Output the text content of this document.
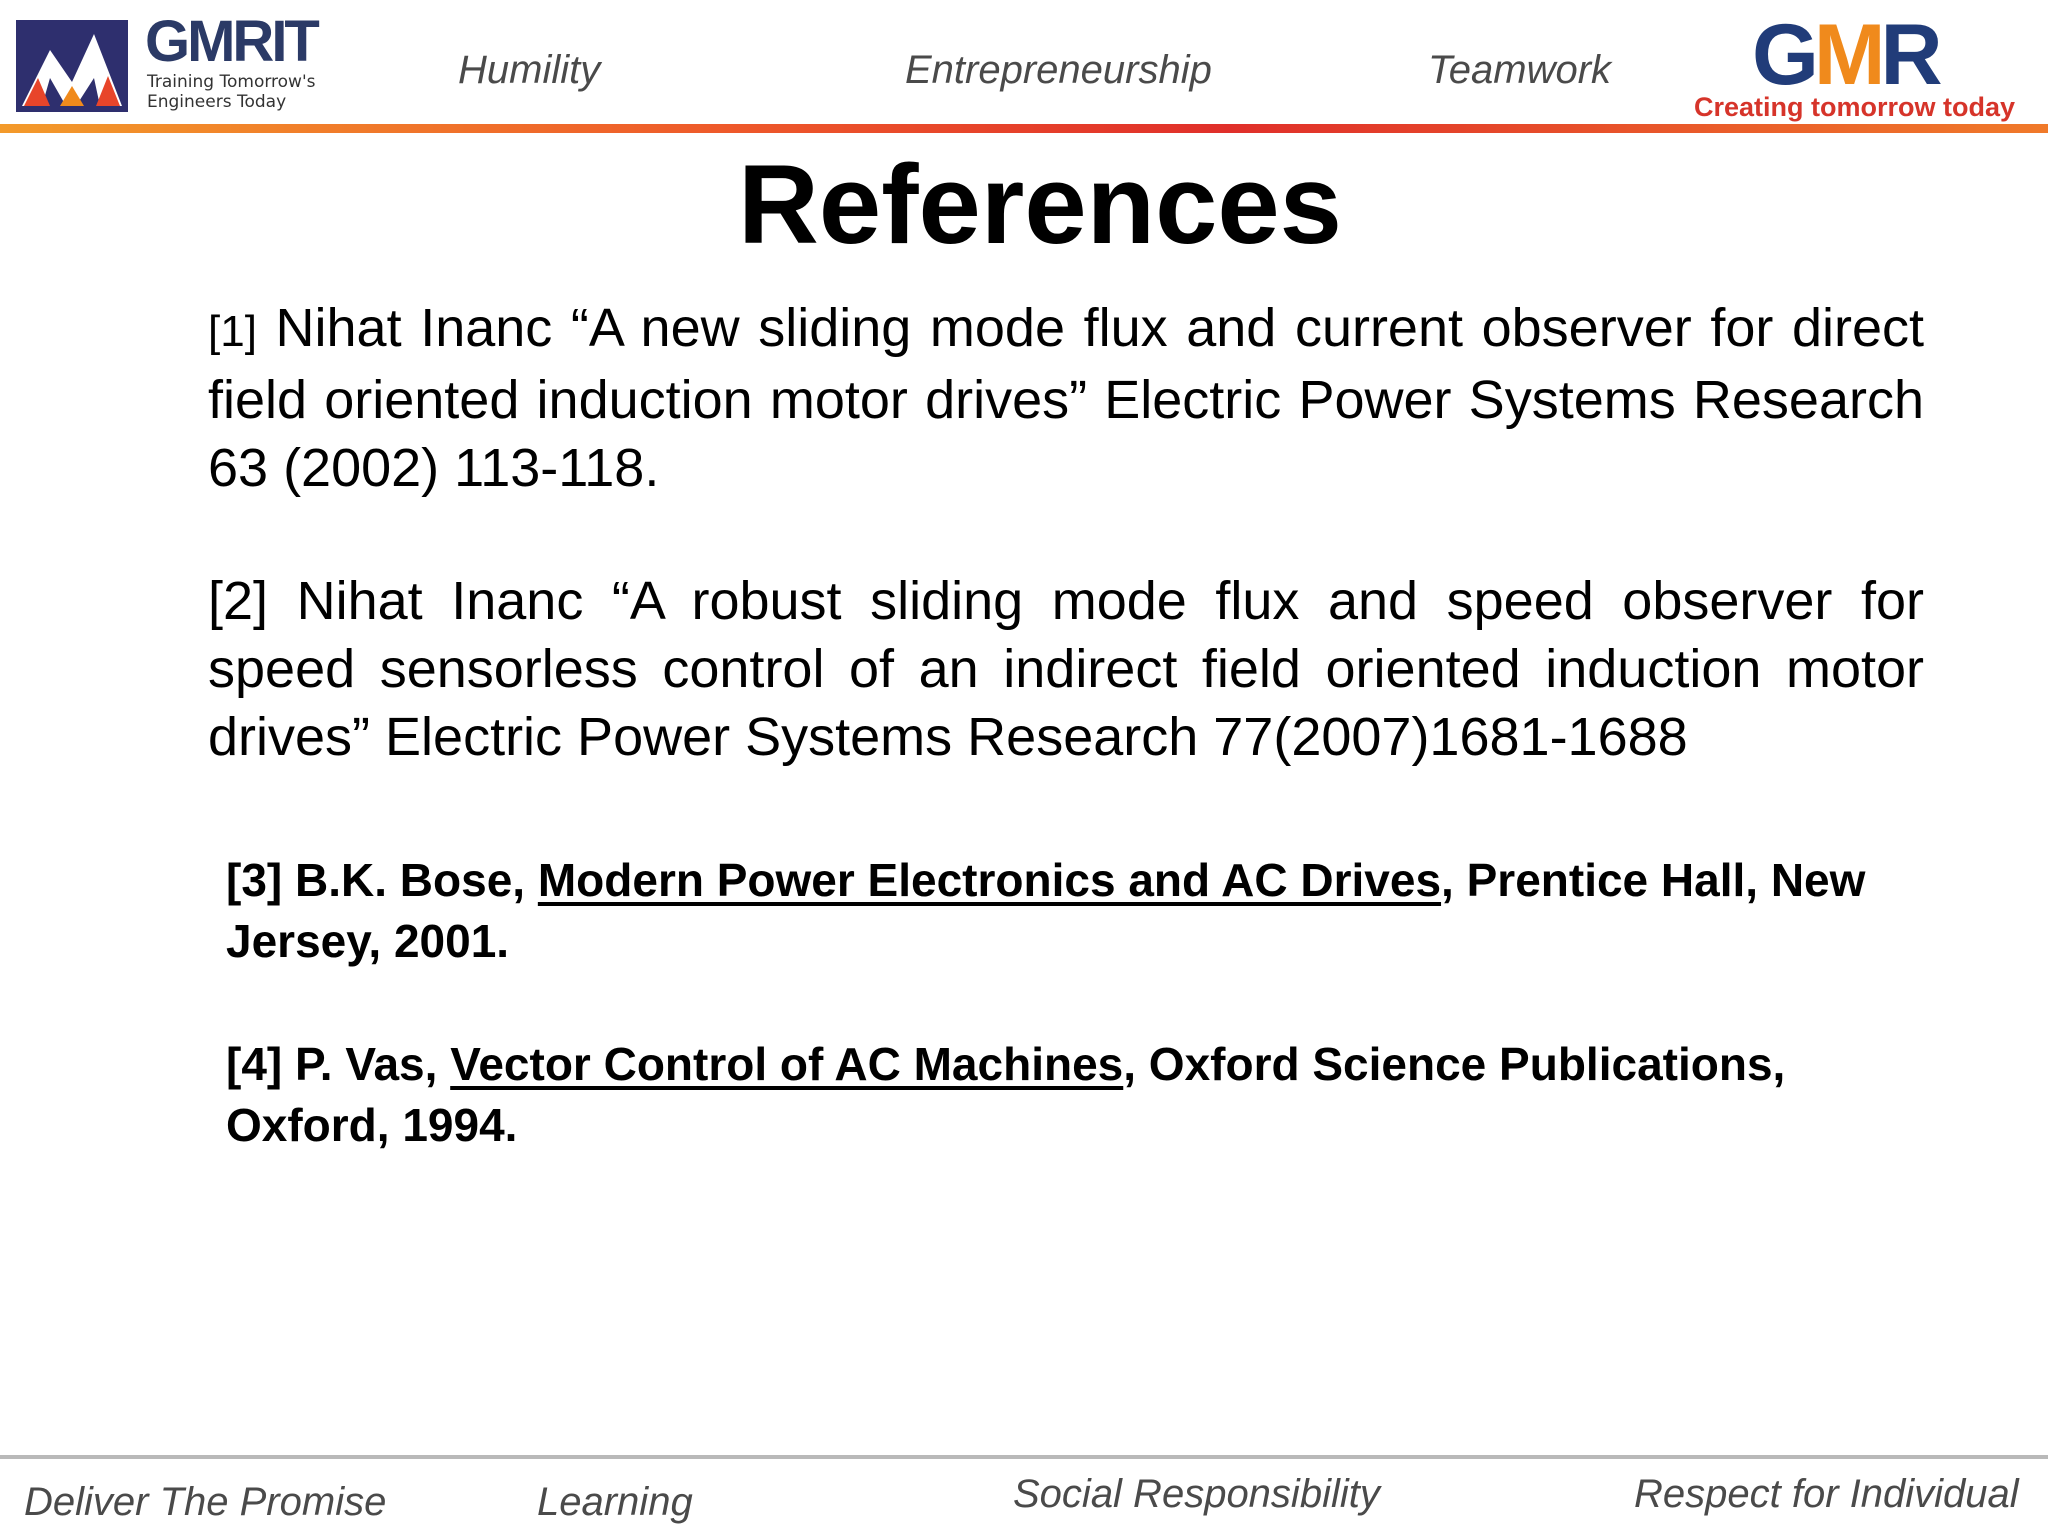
GMRIT
Training Tomorrow's
Engineers Today
Humility	Entrepreneurship	Teamwork GMR
Creating tomorrow today
References
[1] Nihat Inanc “A new sliding mode flux and current observer for direct field oriented induction motor drives” Electric Power Systems Research 63 (2002) 113-118.
[2] Nihat Inanc “A robust sliding mode flux and speed observer for speed sensorless control of an indirect field oriented induction motor drives” Electric Power Systems Research 77(2007)1681-1688
[3] B.K. Bose, Modern Power Electronics and AC Drives, Prentice Hall, New Jersey, 2001.
[4] P. Vas, Vector Control of AC Machines, Oxford Science Publications, Oxford, 1994.
Deliver The Promise	Learning	Social Responsibility	Respect for Individual
